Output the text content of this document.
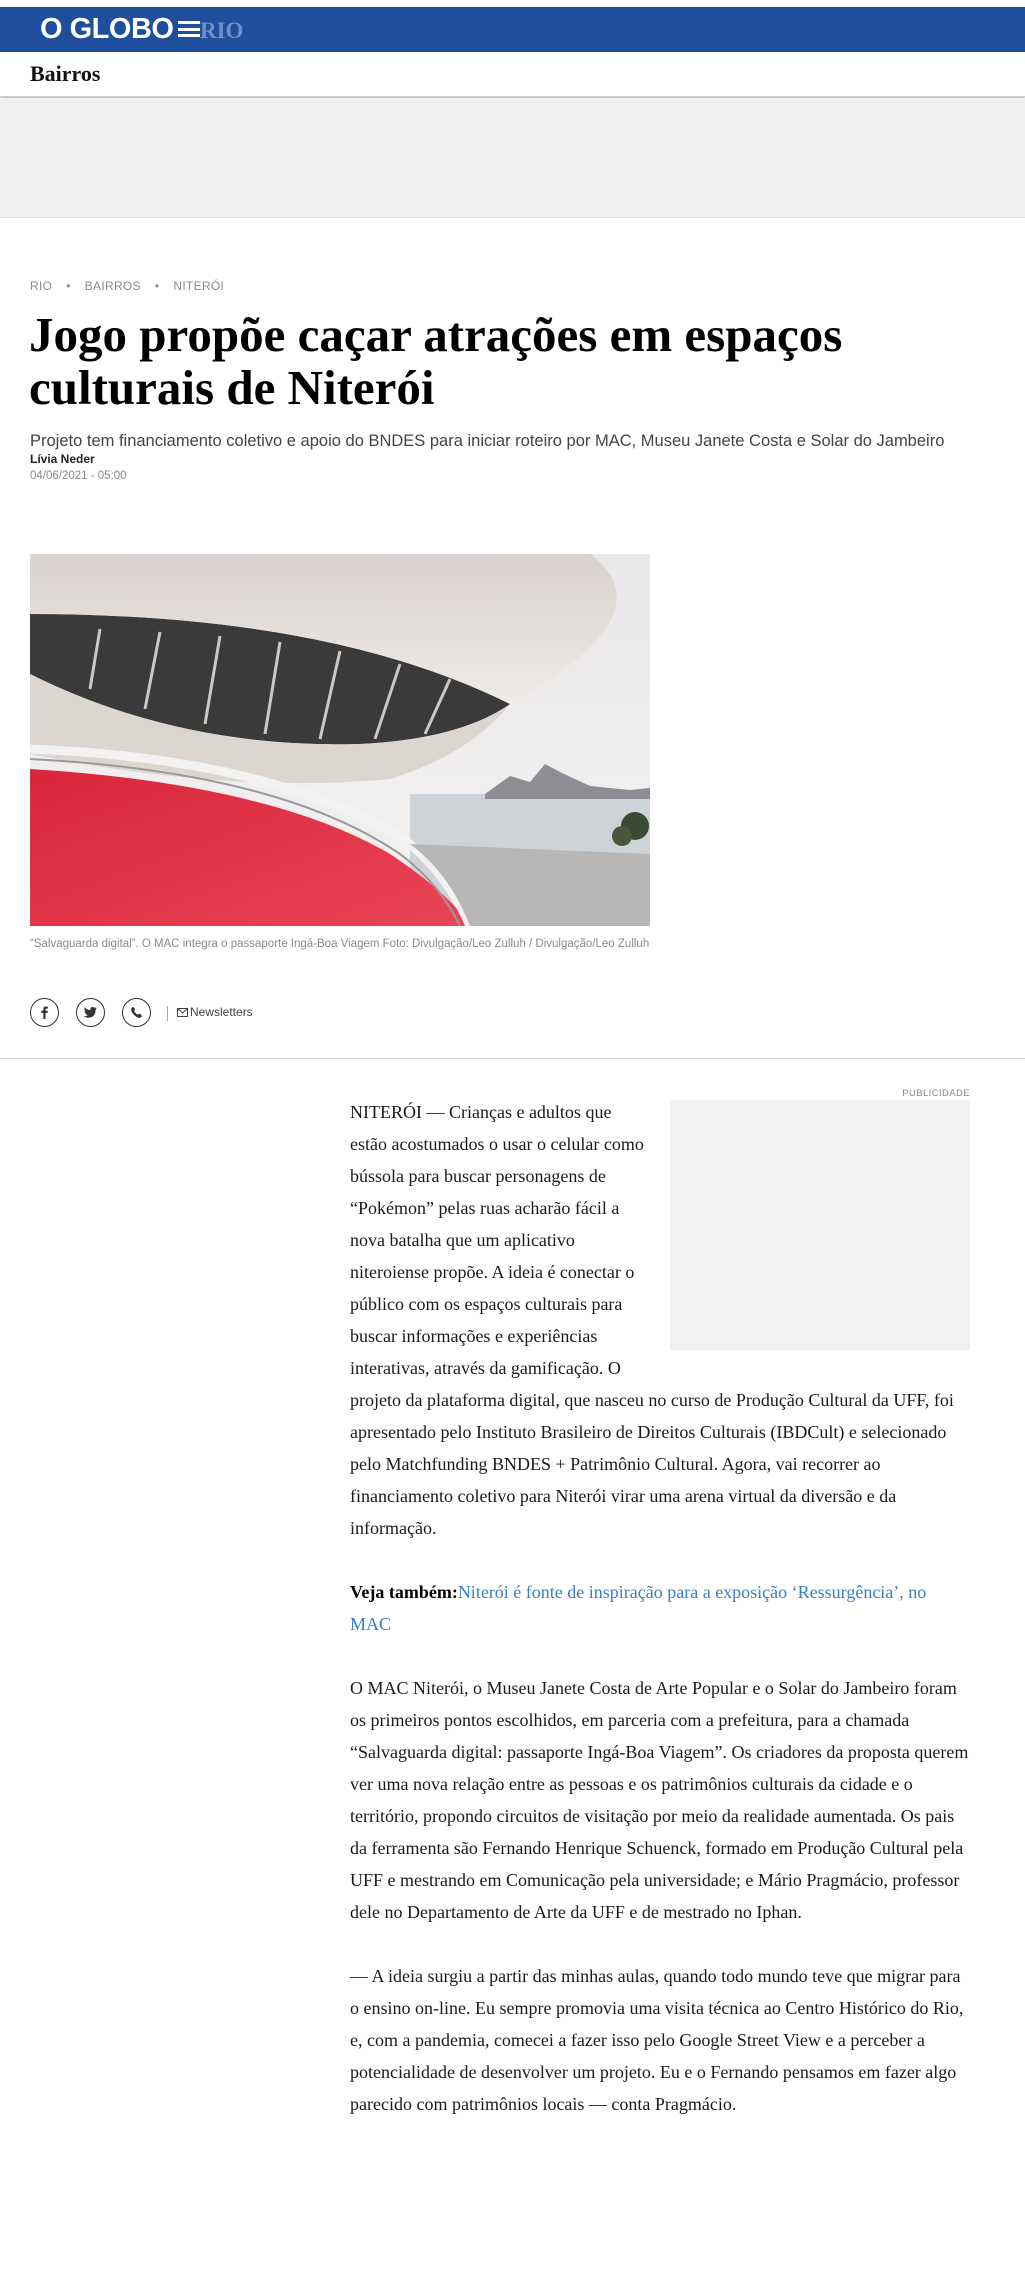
O GLOBO RIO
Bairros
RIO • BAIRROS • NITERÓI
Jogo propõe caçar atrações em espaços culturais de Niterói
Projeto tem financiamento coletivo e apoio do BNDES para iniciar roteiro por MAC, Museu Janete Costa e Solar do Jambeiro
Lívia Neder
04/06/2021 - 05:00
“Salvaguarda digital”. O MAC integra o passaporte Ingá-Boa Viagem Foto: Divulgação/Leo Zulluh / Divulgação/Leo Zulluh
Newsletters
PUBLICIDADE

NITERÓI — Crianças e adultos que estão acostumados o usar o celular como bússola para buscar personagens de “Pokémon” pelas ruas acharão fácil a nova batalha que um aplicativo niteroiense propõe. A ideia é conectar o público com os espaços culturais para buscar informações e experiências interativas, através da gamificação. O projeto da plataforma digital, que nasceu no curso de Produção Cultural da UFF, foi apresentado pelo Instituto Brasileiro de Direitos Culturais (IBDCult) e selecionado pelo Matchfunding BNDES + Patrimônio Cultural. Agora, vai recorrer ao financiamento coletivo para Niterói virar uma arena virtual da diversão e da informação.

Veja também:Niterói é fonte de inspiração para a exposição ‘Ressurgência’, no MAC

O MAC Niterói, o Museu Janete Costa de Arte Popular e o Solar do Jambeiro foram os primeiros pontos escolhidos, em parceria com a prefeitura, para a chamada “Salvaguarda digital: passaporte Ingá-Boa Viagem”. Os criadores da proposta querem ver uma nova relação entre as pessoas e os patrimônios culturais da cidade e o território, propondo circuitos de visitação por meio da realidade aumentada. Os pais da ferramenta são Fernando Henrique Schuenck, formado em Produção Cultural pela UFF e mestrando em Comunicação pela universidade; e Mário Pragmácio, professor dele no Departamento de Arte da UFF e de mestrado no Iphan.

— A ideia surgiu a partir das minhas aulas, quando todo mundo teve que migrar para o ensino on-line. Eu sempre promovia uma visita técnica ao Centro Histórico do Rio, e, com a pandemia, comecei a fazer isso pelo Google Street View e a perceber a potencialidade de desenvolver um projeto. Eu e o Fernando pensamos em fazer algo parecido com patrimônios locais — conta Pragmácio.
